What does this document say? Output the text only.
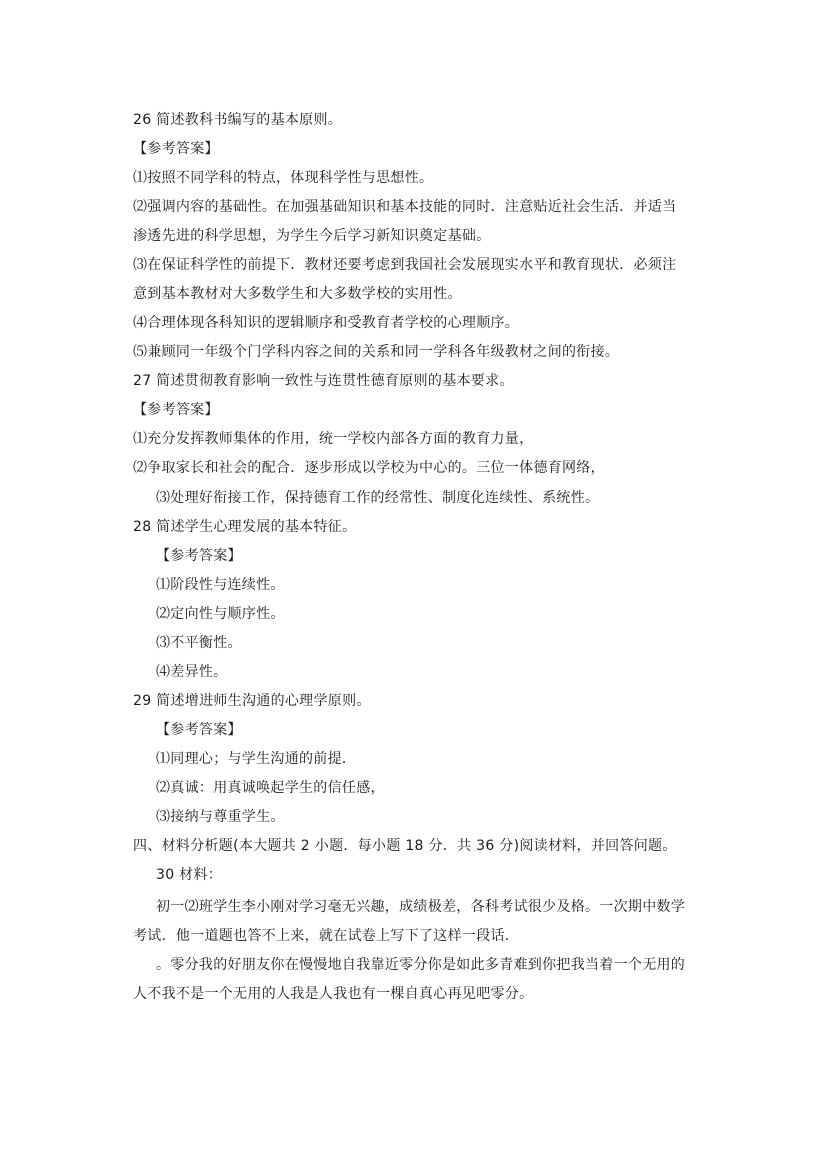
26 简述教科书编写的基本原则。
【参考答案】
⑴按照不同学科的特点，体现科学性与思想性。
⑵强调内容的基础性。在加强基础知识和基本技能的同时．注意贴近社会生活．并适当
渗透先进的科学思想，为学生今后学习新知识奠定基础。
⑶在保证科学性的前提下．教材还要考虑到我国社会发展现实水平和教育现状．必须注
意到基本教材对大多数学生和大多数学校的实用性。
⑷合理体现各科知识的逻辑顺序和受教育者学校的心理顺序。
⑸兼顾同一年级个门学科内容之间的关系和同一学科各年级教材之间的衔接。
27 简述贯彻教育影响一致性与连贯性德育原则的基本要求。
【参考答案】
⑴充分发挥教师集体的作用，统一学校内部各方面的教育力量，
⑵争取家长和社会的配合．逐步形成以学校为中心的。三位一体德育网络，
⑶处理好衔接工作，保持德育工作的经常性、制度化连续性、系统性。
28 简述学生心理发展的基本特征。
【参考答案】
⑴阶段性与连续性。
⑵定向性与顺序性。
⑶不平衡性。
⑷差异性。
29 简述增进师生沟通的心理学原则。
【参考答案】
⑴同理心；与学生沟通的前提．
⑵真诚：用真诚唤起学生的信任感，
⑶接纳与尊重学生。
四、材料分析题(本大题共 2 小题．每小题 18 分．共 36 分)阅读材料，并回答问题。
30 材料：
初一⑵班学生李小刚对学习毫无兴趣，成绩极差，各科考试很少及格。一次期中数学
考试．他一道题也答不上来，就在试卷上写下了这样一段话．
。零分我的好朋友你在慢慢地自我靠近零分你是如此多青难到你把我当着一个无用的
人不我不是一个无用的人我是人我也有一棵自真心再见吧零分。
